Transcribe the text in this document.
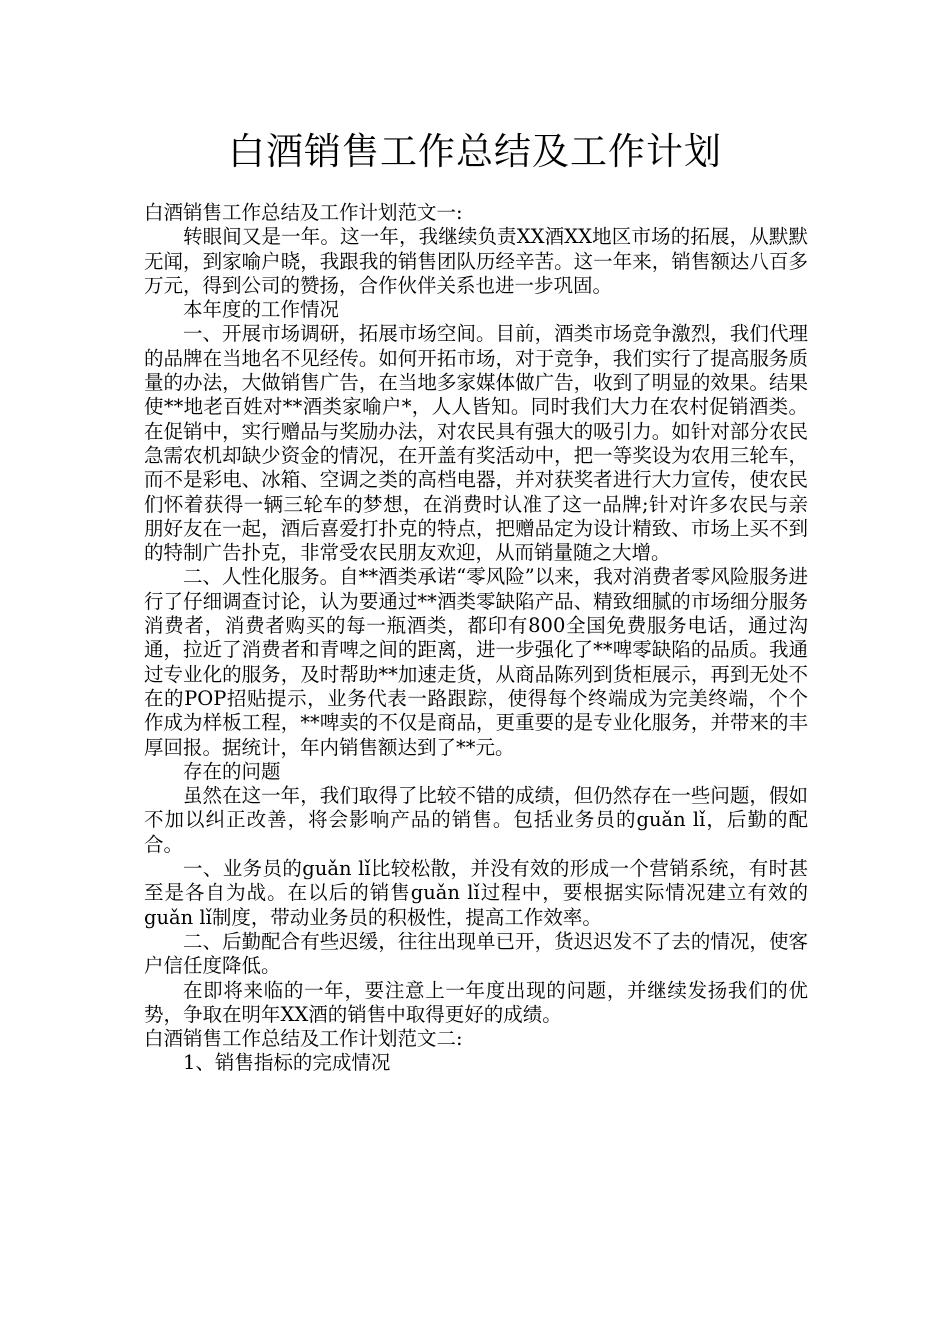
白酒销售工作总结及工作计划

白酒销售工作总结及工作计划范文一:

转眼间又是一年。这一年，我继续负责XX酒XX地区市场的拓展，从默默无闻，到家喻户晓，我跟我的销售团队历经辛苦。这一年来，销售额达八百多万元，得到公司的赞扬，合作伙伴关系也进一步巩固。

本年度的工作情况

一、开展市场调研，拓展市场空间。目前，酒类市场竞争激烈，我们代理的品牌在当地名不见经传。如何开拓市场，对于竞争，我们实行了提高服务质量的办法，大做销售广告，在当地多家媒体做广告，收到了明显的效果。结果使**地老百姓对**酒类家喻户*，人人皆知。同时我们大力在农村促销酒类。在促销中，实行赠品与奖励办法，对农民具有强大的吸引力。如针对部分农民急需农机却缺少资金的情况，在开盖有奖活动中，把一等奖设为农用三轮车，而不是彩电、冰箱、空调之类的高档电器，并对获奖者进行大力宣传，使农民们怀着获得一辆三轮车的梦想，在消费时认准了这一品牌;针对许多农民与亲朋好友在一起，酒后喜爱打扑克的特点，把赠品定为设计精致、市场上买不到的特制广告扑克，非常受农民朋友欢迎，从而销量随之大增。

二、人性化服务。自**酒类承诺“零风险”以来，我对消费者零风险服务进行了仔细调查讨论，认为要通过**酒类零缺陷产品、精致细腻的市场细分服务消费者，消费者购买的每一瓶酒类，都印有800全国免费服务电话，通过沟通，拉近了消费者和青啤之间的距离，进一步强化了**啤零缺陷的品质。我通过专业化的服务，及时帮助**加速走货，从商品陈列到货柜展示，再到无处不在的POP招贴提示，业务代表一路跟踪，使得每个终端成为完美终端，个个作成为样板工程，**啤卖的不仅是商品，更重要的是专业化服务，并带来的丰厚回报。据统计，年内销售额达到了**元。

存在的问题

虽然在这一年，我们取得了比较不错的成绩，但仍然存在一些问题，假如不加以纠正改善，将会影响产品的销售。包括业务员的guǎn lǐ，后勤的配合。

一、业务员的guǎn lǐ比较松散，并没有效的形成一个营销系统，有时甚至是各自为战。在以后的销售guǎn lǐ过程中，要根据实际情况建立有效的guǎn lǐ制度，带动业务员的积极性，提高工作效率。

二、后勤配合有些迟缓，往往出现单已开，货迟迟发不了去的情况，使客户信任度降低。

在即将来临的一年，要注意上一年度出现的问题，并继续发扬我们的优势，争取在明年XX酒的销售中取得更好的成绩。

白酒销售工作总结及工作计划范文二:

1、销售指标的完成情况
